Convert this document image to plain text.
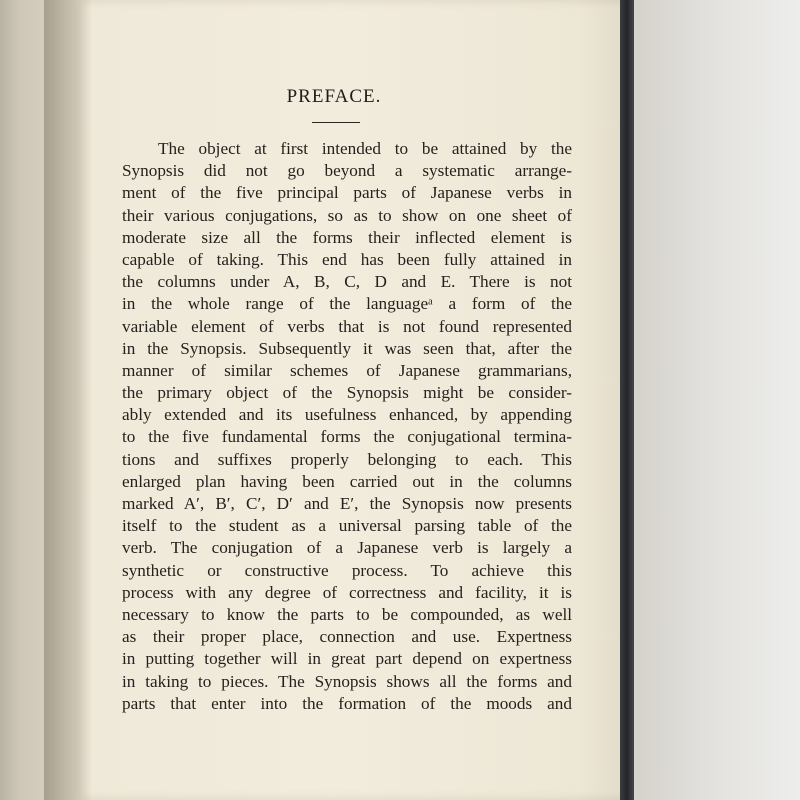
PREFACE.
The object at first intended to be attained by the
Synopsis did not go beyond a systematic arrange-
ment of the five principal parts of Japanese verbs in
their various conjugations, so as to show on one sheet of
moderate size all the forms their inflected element is
capable of taking. This end has been fully attained in
the columns under A, B, C, D and E. There is not
in the whole range of the languageᵃ a form of the
variable element of verbs that is not found represented
in the Synopsis. Subsequently it was seen that, after the
manner of similar schemes of Japanese grammarians,
the primary object of the Synopsis might be consider-
ably extended and its usefulness enhanced, by appending
to the five fundamental forms the conjugational termina-
tions and suffixes properly belonging to each. This
enlarged plan having been carried out in the columns
marked A′, B′, C′, D′ and E′, the Synopsis now presents
itself to the student as a universal parsing table of the
verb. The conjugation of a Japanese verb is largely a
synthetic or constructive process. To achieve this
process with any degree of correctness and facility, it is
necessary to know the parts to be compounded, as well
as their proper place, connection and use. Expertness
in putting together will in great part depend on expertness
in taking to pieces. The Synopsis shows all the forms and
parts that enter into the formation of the moods and
